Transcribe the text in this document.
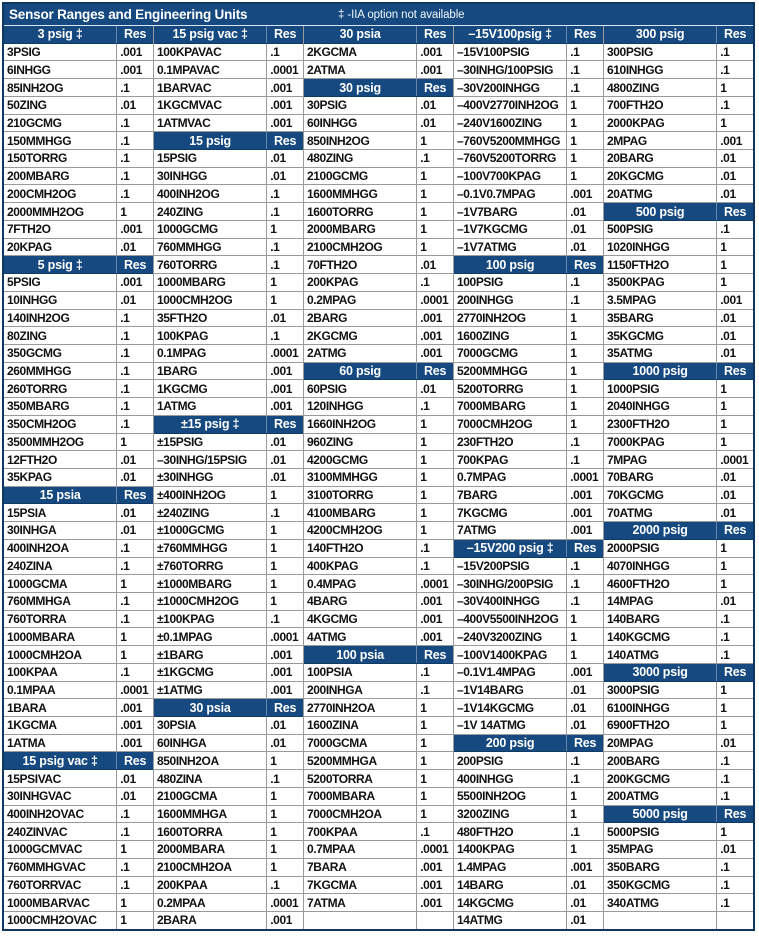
Sensor Ranges and Engineering Units	‡ -IIA option not available
3 psig ‡	Res
3PSIG	.001
6INHGG	.001
85INH2OG	.1
50ZING	.01
210GCMG	.1
150MMHGG	.1
150TORRG	.1
200MBARG	.1
200CMH2OG	.1
2000MMH2OG	1
7FTH2O	.001
20KPAG	.01
5 psig ‡	Res
5PSIG	.001
10INHGG	.01
140INH2OG	.1
80ZING	.1
350GCMG	.1
260MMHGG	.1
260TORRG	.1
350MBARG	.1
350CMH2OG	.1
3500MMH2OG	1
12FTH2O	.01
35KPAG	.01
15 psia	Res
15PSIA	.01
30INHGA	.01
400INH2OA	.1
240ZINA	.1
1000GCMA	1
760MMHGA	.1
760TORRA	.1
1000MBARA	1
1000CMH2OA	1
100KPAA	.1
0.1MPAA	.0001
1BARA	.001
1KGCMA	.001
1ATMA	.001
15 psig vac ‡	Res
15PSIVAC	.01
30INHGVAC	.01
400INH2OVAC	.1
240ZINVAC	.1
1000GCMVAC	1
760MMHGVAC	.1
760TORRVAC	.1
1000MBARVAC	1
1000CMH2OVAC	1
15 psig vac ‡	Res
100KPAVAC	.1
0.1MPAVAC	.0001
1BARVAC	.001
1KGCMVAC	.001
1ATMVAC	.001
15 psig	Res
15PSIG	.01
30INHGG	.01
400INH2OG	.1
240ZING	.1
1000GCMG	1
760MMHGG	.1
760TORRG	.1
1000MBARG	1
1000CMH2OG	1
35FTH2O	.01
100KPAG	.1
0.1MPAG	.0001
1BARG	.001
1KGCMG	.001
1ATMG	.001
±15 psig ‡	Res
±15PSIG	.01
–30INHG/15PSIG	.01
±30INHGG	.01
±400INH2OG	1
±240ZING	.1
±1000GCMG	1
±760MMHGG	1
±760TORRG	1
±1000MBARG	1
±1000CMH2OG	1
±100KPAG	.1
±0.1MPAG	.0001
±1BARG	.001
±1KGCMG	.001
±1ATMG	.001
30 psia	Res
30PSIA	.01
60INHGA	.01
850INH2OA	1
480ZINA	.1
2100GCMA	1
1600MMHGA	1
1600TORRA	1
2000MBARA	1
2100CMH2OA	1
200KPAA	.1
0.2MPAA	.0001
2BARA	.001
30 psia	Res
2KGCMA	.001
2ATMA	.001
30 psig	Res
30PSIG	.01
60INHGG	.01
850INH2OG	1
480ZING	.1
2100GCMG	1
1600MMHGG	1
1600TORRG	1
2000MBARG	1
2100CMH2OG	1
70FTH2O	.01
200KPAG	.1
0.2MPAG	.0001
2BARG	.001
2KGCMG	.001
2ATMG	.001
60 psig	Res
60PSIG	.01
120INHGG	.1
1660INH2OG	1
960ZING	1
4200GCMG	1
3100MMHGG	1
3100TORRG	1
4100MBARG	1
4200CMH2OG	1
140FTH2O	.1
400KPAG	.1
0.4MPAG	.0001
4BARG	.001
4KGCMG	.001
4ATMG	.001
100 psia	Res
100PSIA	.1
200INHGA	.1
2770INH2OA	1
1600ZINA	1
7000GCMA	1
5200MMHGA	1
5200TORRA	1
7000MBARA	1
7000CMH2OA	1
700KPAA	.1
0.7MPAA	.0001
7BARA	.001
7KGCMA	.001
7ATMA	.001
–15V100psig ‡	Res
–15V100PSIG	.1
–30INHG/100PSIG	.1
–30V200INHGG	.1
–400V2770INH2OG 1
–240V1600ZING	1
–760V5200MMHGG 1
–760V5200TORRG	1
–100V700KPAG	1
–0.1V0.7MPAG	.001
–1V7BARG	.01
–1V7KGCMG	.01
–1V7ATMG	.01
100 psig	Res
100PSIG	.1
200INHGG	.1
2770INH2OG	1
1600ZING	1
7000GCMG	1
5200MMHGG	1
5200TORRG	1
7000MBARG	1
7000CMH2OG	1
230FTH2O	.1
700KPAG	.1
0.7MPAG	.0001
7BARG	.001
7KGCMG	.001
7ATMG	.001
–15V200 psig ‡	Res
–15V200PSIG	.1
–30INHG/200PSIG	.1
–30V400INHGG	.1
–400V5500INH2OG 1
–240V3200ZING	1
–100V1400KPAG	1
–0.1V1.4MPAG	.001
–1V14BARG	.01
–1V14KGCMG	.01
–1V 14ATMG	.01
200 psig	Res
200PSIG	.1
400INHGG	.1
5500INH2OG	1
3200ZING	1
480FTH2O	.1
1400KPAG	1
1.4MPAG	.001
14BARG	.01
14KGCMG	.01
14ATMG	.01
300 psig	Res
300PSIG	.1
610INHGG	.1
4800ZING	1
700FTH2O	.1
2000KPAG	1
2MPAG	.001
20BARG	.01
20KGCMG	.01
20ATMG	.01
500 psig	Res
500PSIG	.1
1020INHGG	1
1150FTH2O	1
3500KPAG	1
3.5MPAG	.001
35BARG	.01
35KGCMG	.01
35ATMG	.01
1000 psig	Res
1000PSIG	1
2040INHGG	1
2300FTH2O	1
7000KPAG	1
7MPAG	.0001
70BARG	.01
70KGCMG	.01
70ATMG	.01
2000 psig	Res
2000PSIG	1
4070INHGG	1
4600FTH2O	1
14MPAG	.01
140BARG	.1
140KGCMG	.1
140ATMG	.1
3000 psig	Res
3000PSIG	1
6100INHGG	1
6900FTH2O	1
20MPAG	.01
200BARG	.1
200KGCMG	.1
200ATMG	.1
5000 psig	Res
5000PSIG	1
35MPAG	.01
350BARG	.1
350KGCMG	.1
340ATMG	.1
